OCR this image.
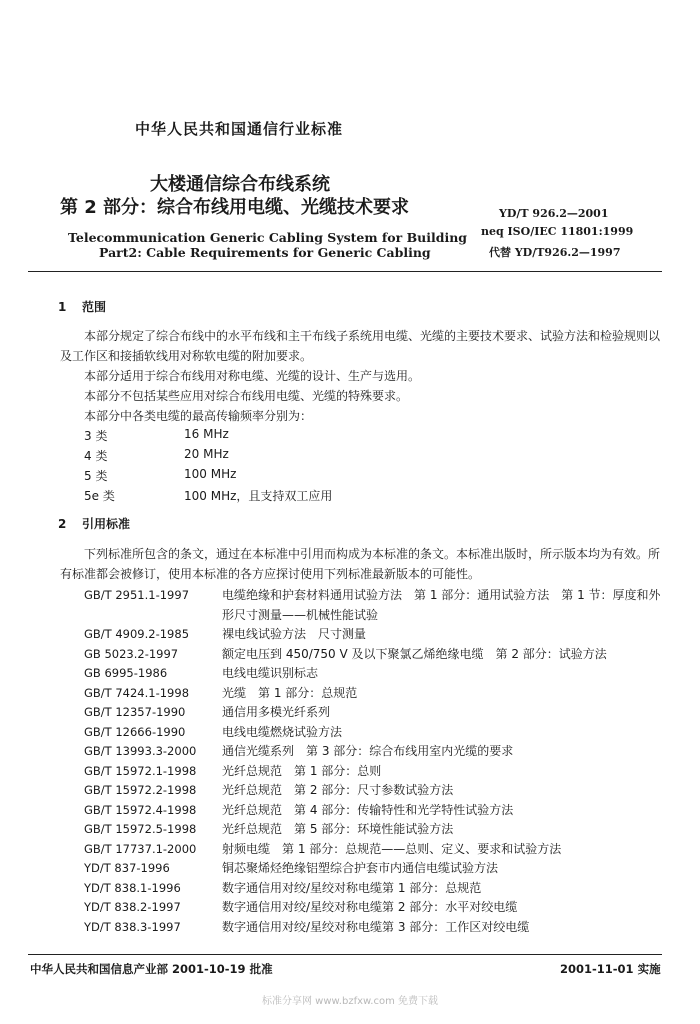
中华人民共和国通信行业标准
大楼通信综合布线系统
第 2 部分：综合布线用电缆、光缆技术要求
Telecommunication Generic Cabling System for Building
Part2: Cable Requirements for Generic Cabling
YD/T 926.2—2001
neq ISO/IEC 11801:1999
代替 YD/T926.2—1997
1 范围

本部分规定了综合布线中的水平布线和主干布线子系统用电缆、光缆的主要技术要求、试验方法和检验规则以及工作区和接插软线用对称软电缆的附加要求。

本部分适用于综合布线用对称电缆、光缆的设计、生产与选用。

本部分不包括某些应用对综合布线用电缆、光缆的特殊要求。

本部分中各类电缆的最高传输频率分别为：

3 类	16 MHz
4 类	20 MHz
5 类	100 MHz
5e 类	100 MHz，且支持双工应用
2 引用标准

下列标准所包含的条文，通过在本标准中引用而构成为本标准的条文。本标准出版时，所示版本均为有效。所有标准都会被修订，使用本标准的各方应探讨使用下列标准最新版本的可能性。

GB/T 2951.1-1997	电缆绝缘和护套材料通用试验方法　第 1 部分：通用试验方法　第 1 节：厚度和外形尺寸测量——机械性能试验
GB/T 4909.2-1985	裸电线试验方法　尺寸测量
GB 5023.2-1997	额定电压到 450/750 V 及以下聚氯乙烯绝缘电缆　第 2 部分：试验方法
GB 6995-1986	电线电缆识别标志
GB/T 7424.1-1998	光缆　第 1 部分：总规范
GB/T 12357-1990	通信用多模光纤系列
GB/T 12666-1990	电线电缆燃烧试验方法
GB/T 13993.3-2000	通信光缆系列　第 3 部分：综合布线用室内光缆的要求
GB/T 15972.1-1998	光纤总规范　第 1 部分：总则
GB/T 15972.2-1998	光纤总规范　第 2 部分：尺寸参数试验方法
GB/T 15972.4-1998	光纤总规范　第 4 部分：传输特性和光学特性试验方法
GB/T 15972.5-1998	光纤总规范　第 5 部分：环境性能试验方法
GB/T 17737.1-2000	射频电缆　第 1 部分：总规范——总则、定义、要求和试验方法
YD/T 837-1996	铜芯聚烯烃绝缘铝塑综合护套市内通信电缆试验方法
YD/T 838.1-1996	数字通信用对绞/星绞对称电缆第 1 部分：总规范
YD/T 838.2-1997	数字通信用对绞/星绞对称电缆第 2 部分：水平对绞电缆
YD/T 838.3-1997	数字通信用对绞/星绞对称电缆第 3 部分：工作区对绞电缆
中华人民共和国信息产业部 2001-10-19 批准	2001-11-01 实施
标准分享网 www.bzfxw.com 免费下载
